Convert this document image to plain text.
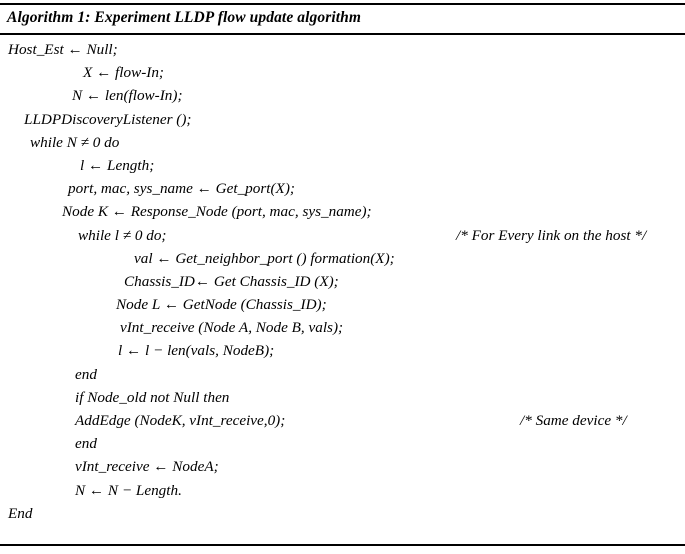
Algorithm 1: Experiment LLDP flow update algorithm
Host_Est ← Null;
X ← flow-In;
N ← len(flow-In);
LLDPDiscoveryListener ();
while N ≠ 0 do
l ← Length;
port, mac, sys_name ← Get_port(X);
Node K ← Response_Node (port, mac, sys_name);
while l ≠ 0 do;	/* For Every link on the host */
val ← Get_neighbor_port () formation(X);
Chassis_ID← Get Chassis_ID (X);
Node L ← GetNode (Chassis_ID);
vInt_receive (Node A, Node B, vals);
l ← l − len(vals, NodeB);
end
if Node_old not Null then
AddEdge (NodeK, vInt_receive,0);	/* Same device */
end
vInt_receive ← NodeA;
N ← N − Length.
End
